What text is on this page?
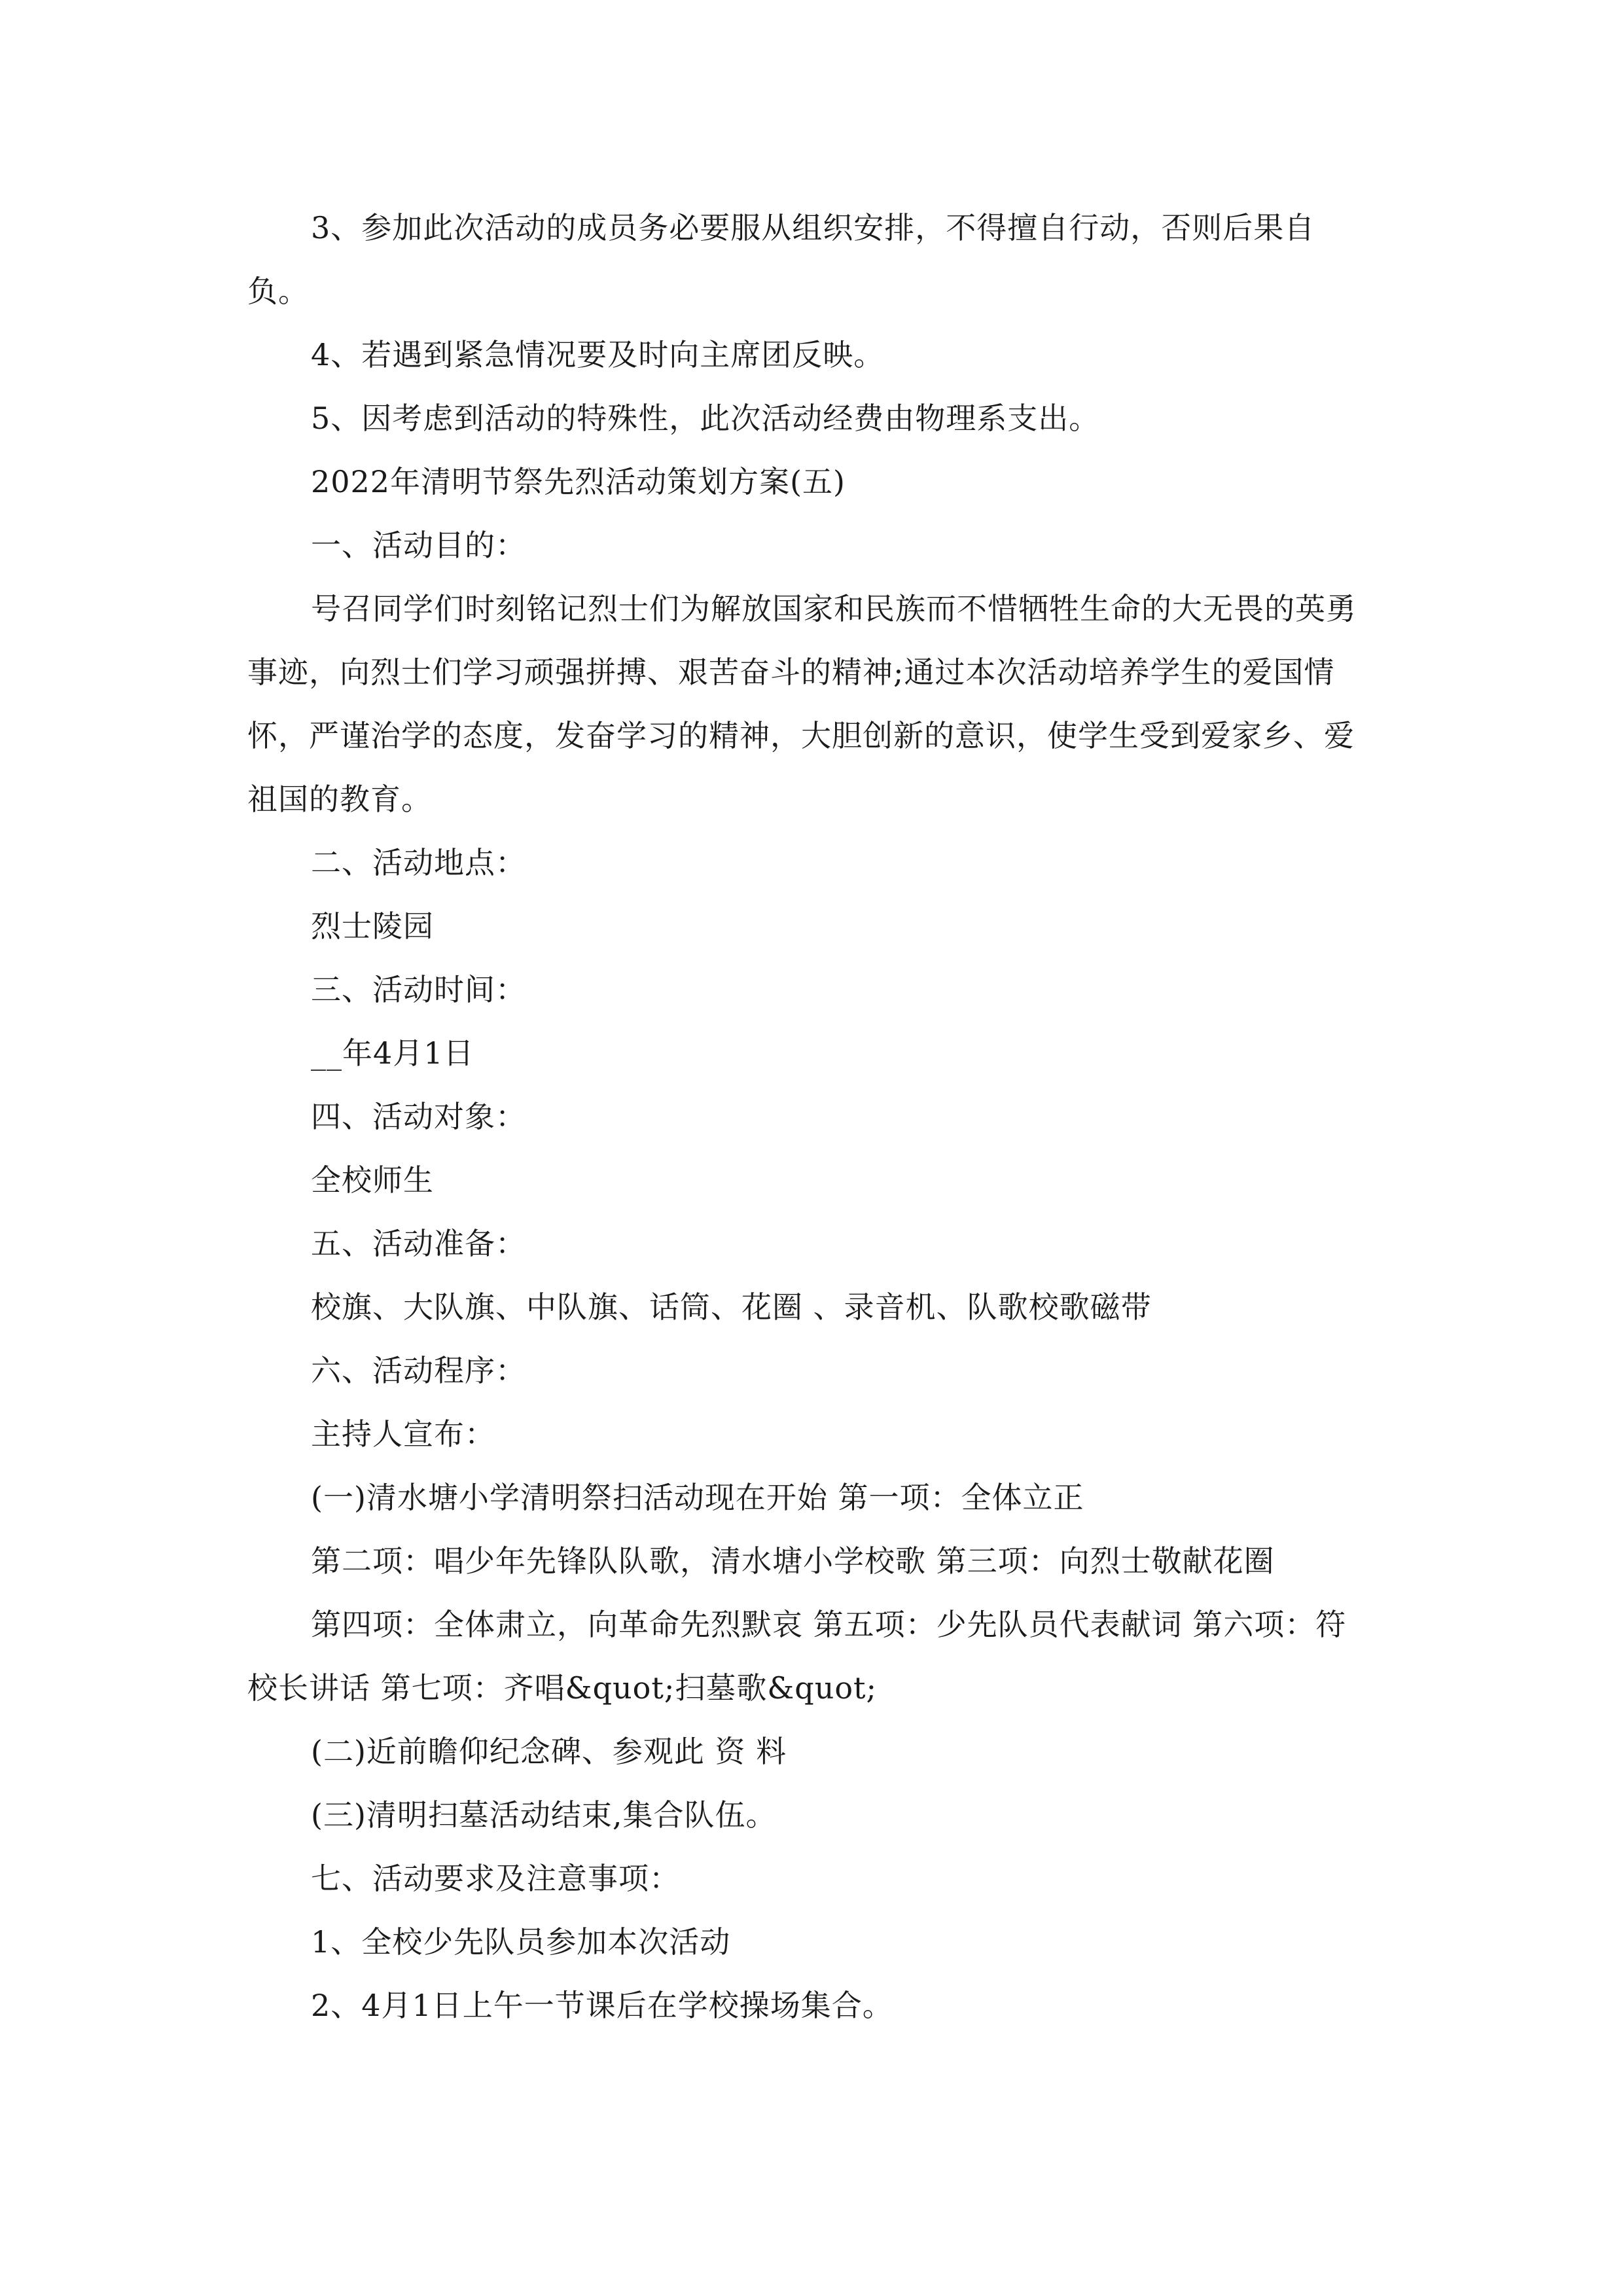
3、参加此次活动的成员务必要服从组织安排，不得擅自行动，否则后果自负。

4、若遇到紧急情况要及时向主席团反映。

5、因考虑到活动的特殊性，此次活动经费由物理系支出。

2022年清明节祭先烈活动策划方案(五)

一、活动目的：

号召同学们时刻铭记烈士们为解放国家和民族而不惜牺牲生命的大无畏的英勇事迹，向烈士们学习顽强拼搏、艰苦奋斗的精神;通过本次活动培养学生的爱国情怀，严谨治学的态度，发奋学习的精神，大胆创新的意识，使学生受到爱家乡、爱祖国的教育。

二、活动地点：

烈士陵园

三、活动时间：

__年4月1日

四、活动对象：

全校师生

五、活动准备：

校旗、大队旗、中队旗、话筒、花圈 、录音机、队歌校歌磁带

六、活动程序：

主持人宣布：

(一)清水塘小学清明祭扫活动现在开始 第一项：全体立正

第二项：唱少年先锋队队歌，清水塘小学校歌 第三项：向烈士敬献花圈

第四项：全体肃立，向革命先烈默哀 第五项：少先队员代表献词 第六项：符校长讲话 第七项：齐唱&quot;扫墓歌&quot;

(二)近前瞻仰纪念碑、参观此 资 料

(三)清明扫墓活动结束,集合队伍。

七、活动要求及注意事项：

1、全校少先队员参加本次活动

2、4月1日上午一节课后在学校操场集合。
